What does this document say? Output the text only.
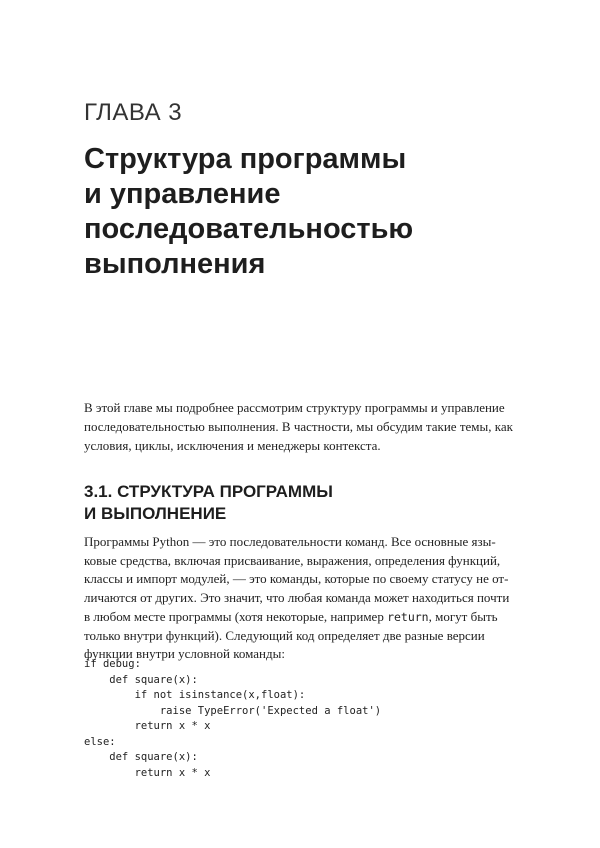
ГЛАВА 3
Структура программы
и управление
последовательностью
выполнения

В этой главе мы подробнее рассмотрим структуру программы и управление
последовательностью выполнения. В частности, мы обсудим такие темы, как
условия, циклы, исключения и менеджеры контекста.

3.1. СТРУКТУРА ПРОГРАММЫ
И ВЫПОЛНЕНИЕ

Программы Python — это последовательности команд. Все основные язы-
ковые средства, включая присваивание, выражения, определения функций,
классы и импорт модулей, — это команды, которые по своему статусу не от-
личаются от других. Это значит, что любая команда может находиться почти
в любом месте программы (хотя некоторые, например return, могут быть
только внутри функций). Следующий код определяет две разные версии
функции внутри условной команды:

if debug:
def square(x):
if not isinstance(x,float):
raise TypeError('Expected a float')
return x * x
else:
def square(x):
return x * x
